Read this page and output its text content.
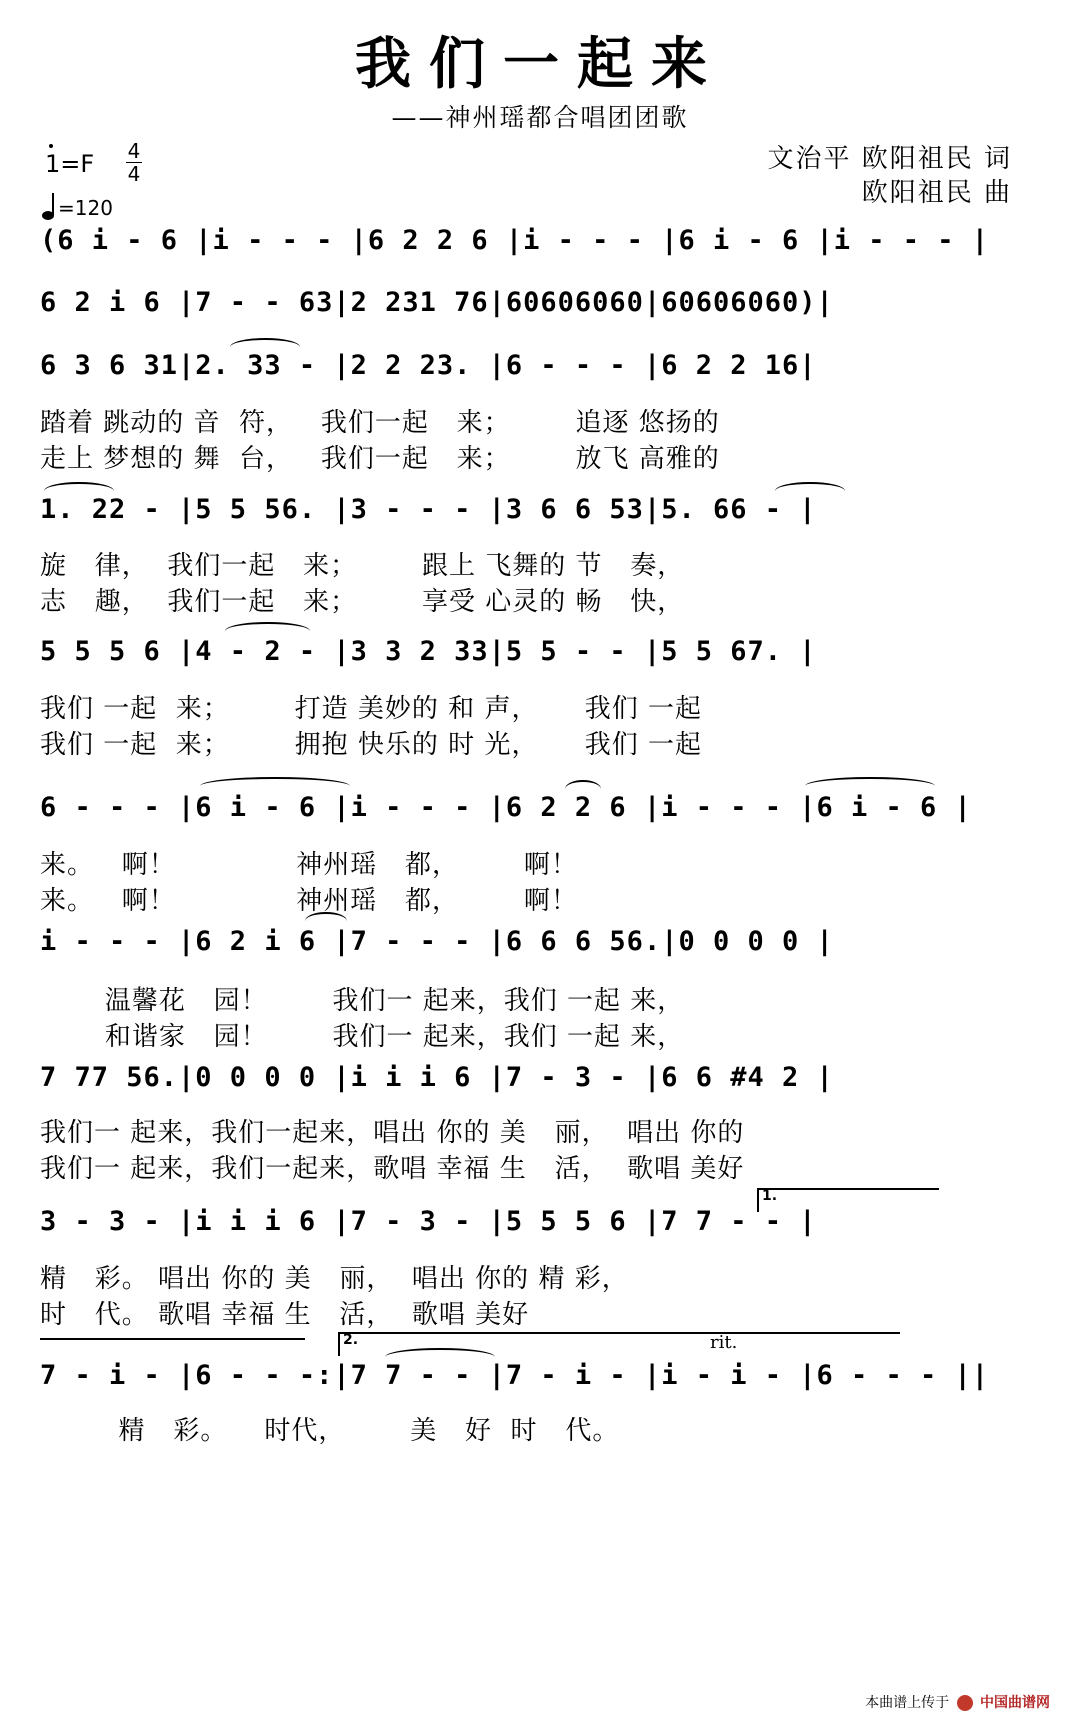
我们一起来
——神州瑶都合唱团团歌
1=F 4
4
=120
文治平 欧阳祖民 词
欧阳祖民 曲
(6 i - 6 |i - - - |6 2 2 6 |i - - - |6 i - 6 |i - - - |
6 2 i 6 |7 - - 63|2 231 76|60606060|60606060)|
6 3 6 31|2. 33 - |2 2 23. |6 - - - |6 2 2 16|
踏着 跳动的 音  符，   我们一起   来；       追逐 悠扬的
走上 梦想的 舞  台，   我们一起   来；       放飞 高雅的
1. 22 - |5 5 56. |3 - - - |3 6 6 53|5. 66 - |
旋   律，  我们一起   来；       跟上 飞舞的 节   奏，
志   趣，  我们一起   来；       享受 心灵的 畅   快，
5 5 5 6 |4 - 2 - |3 3 2 33|5 5 - - |5 5 67. |
我们 一起  来；       打造 美妙的 和 声，     我们 一起
我们 一起  来；       拥抱 快乐的 时 光，     我们 一起
6 - - - |6 i - 6 |i - - - |6 2 2 6 |i - - - |6 i - 6 |
来。   啊！             神州瑶   都，       啊！
来。   啊！             神州瑶   都，       啊！
i - - - |6 2 i 6 |7 - - - |6 6 6 56.|0 0 0 0 |
温馨花   园！       我们一 起来，我们 一起 来，
和谐家   园！       我们一 起来，我们 一起 来，
7 77 56.|0 0 0 0 |i i i 6 |7 - 3 - |6 6 #4 2 |
我们一 起来，我们一起来，唱出 你的 美   丽，  唱出 你的
我们一 起来，我们一起来，歌唱 幸福 生   活，  歌唱 美好
1.
3 - 3 - |i i i 6 |7 - 3 - |5 5 5 6 |7 7 - - |
精   彩。 唱出 你的 美   丽，  唱出 你的 精 彩，
时   代。 歌唱 幸福 生   活，  歌唱 美好
2.	rit.
7 - i - |6 - - -:|7 7 - - |7 - i - |i - i - |6 - - - ||
精   彩。    时代，       美   好  时   代。
本曲谱上传于 中国曲谱网
